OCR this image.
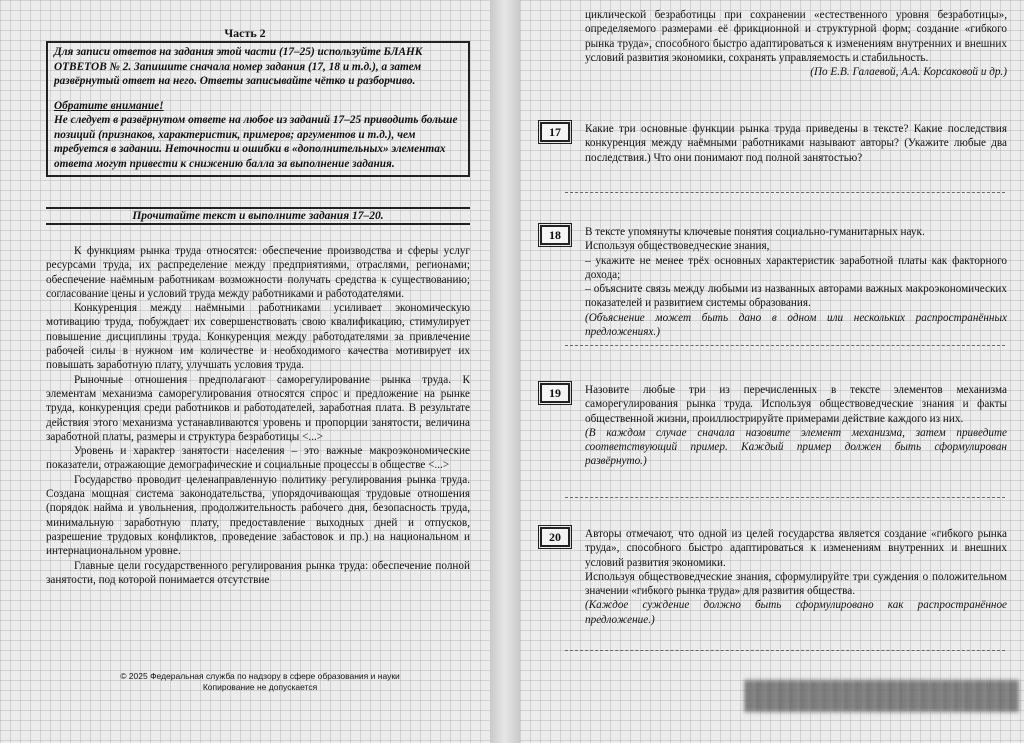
Часть 2

Для записи ответов на задания этой части (17–25) используйте БЛАНК ОТВЕТОВ № 2. Запишите сначала номер задания (17, 18 и т.д.), а затем развёрнутый ответ на него. Ответы записывайте чётко и разборчиво.

Обратите внимание!

Не следует в развёрнутом ответе на любое из заданий 17–25 приводить больше позиций (признаков, характеристик, примеров; аргументов и т.д.), чем требуется в задании. Неточности и ошибки в «дополнительных» элементах ответа могут привести к снижению балла за выполнение задания.

Прочитайте текст и выполните задания 17–20.

К функциям рынка труда относятся: обеспечение производства и сферы услуг ресурсами труда, их распределение между предприятиями, отраслями, регионами; обеспечение наёмным работникам возможности получать средства к существованию; согласование цены и условий труда между работниками и работодателями.

Конкуренция между наёмными работниками усиливает экономическую мотивацию труда, побуждает их совершенствовать свою квалификацию, стимулирует повышение дисциплины труда. Конкуренция между работодателями за привлечение рабочей силы в нужном им количестве и необходимого качества мотивирует их повышать заработную плату, улучшать условия труда.

Рыночные отношения предполагают саморегулирование рынка труда. К элементам механизма саморегулирования относятся спрос и предложение на рынке труда, конкуренция среди работников и работодателей, заработная плата. В результате действия этого механизма устанавливаются уровень и пропорции занятости, величина заработной платы, размеры и структура безработицы <...>

Уровень и характер занятости населения – это важные макроэкономические показатели, отражающие демографические и социальные процессы в обществе <...>

Государство проводит целенаправленную политику регулирования рынка труда. Создана мощная система законодательства, упорядочивающая трудовые отношения (порядок найма и увольнения, продолжительность рабочего дня, безопасность труда, минимальную заработную плату, предоставление выходных дней и отпусков, разрешение трудовых конфликтов, проведение забастовок и пр.) на национальном и интернациональном уровне.

Главные цели государственного регулирования рынка труда: обеспечение полной занятости, под которой понимается отсутствие

© 2025 Федеральная служба по надзору в сфере образования и науки
Копирование не допускается
циклической безработицы при сохранении «естественного уровня безработицы», определяемого размерами её фрикционной и структурной форм; создание «гибкого рынка труда», способного быстро адаптироваться к изменениям внутренних и внешних условий развития экономики, сохранять управляемость и стабильность.
(По Е.В. Галаевой, А.А. Корсаковой и др.)
17	Какие три основные функции рынка труда приведены в тексте? Какие последствия конкуренция между наёмными работниками называют авторы? (Укажите любые два последствия.) Что они понимают под полной занятостью?

18	В тексте упомянуты ключевые понятия социально-гуманитарных наук.

Используя обществоведческие знания,

– укажите не менее трёх основных характеристик заработной платы как факторного дохода;

– объясните связь между любыми из названных авторами важных макроэкономических показателей и развитием системы образования.

(Объяснение может быть дано в одном или нескольких распространённых предложениях.)

19	Назовите любые три из перечисленных в тексте элементов механизма саморегулирования рынка труда. Используя обществоведческие знания и факты общественной жизни, проиллюстрируйте примерами действие каждого из них.

(В каждом случае сначала назовите элемент механизма, затем приведите соответствующий пример. Каждый пример должен быть сформулирован развёрнуто.)

20	Авторы отмечают, что одной из целей государства является создание «гибкого рынка труда», способного быстро адаптироваться к изменениям внутренних и внешних условий развития экономики.

Используя обществоведческие знания, сформулируйте три суждения о положительном значении «гибкого рынка труда» для развития общества.

(Каждое суждение должно быть сформулировано как распространённое предложение.)
